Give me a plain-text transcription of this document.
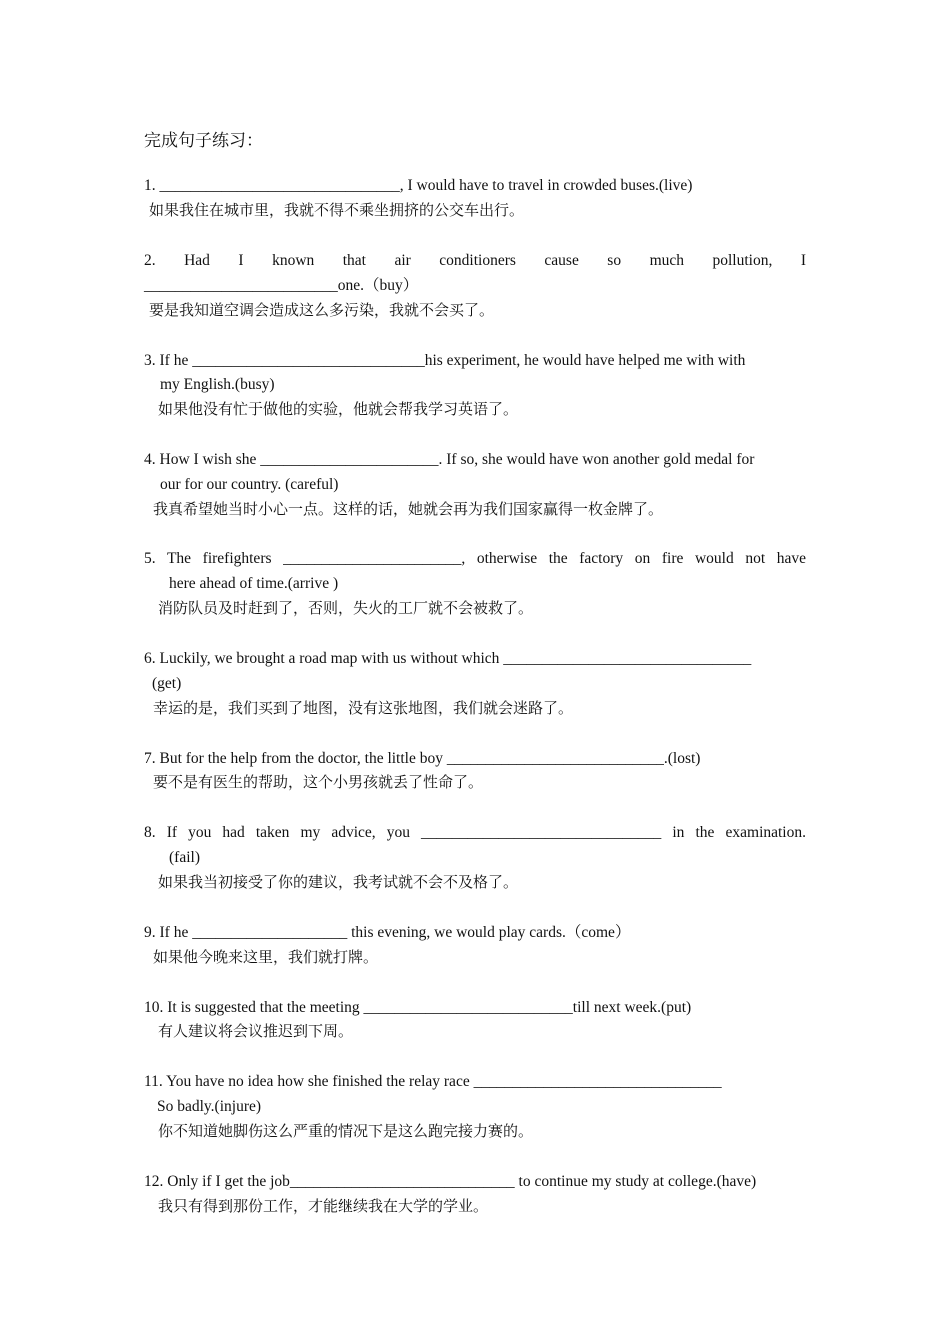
完成句子练习：
1. _______________________________, I would have to travel in crowded buses.(live)
如果我住在城市里，我就不得不乘坐拥挤的公交车出行。
2. Had I known that air conditioners cause so much pollution, I
_________________________one.（buy）
要是我知道空调会造成这么多污染，我就不会买了。
3. If he ______________________________his experiment, he would have helped me with with
my English.(busy)
如果他没有忙于做他的实验，他就会帮我学习英语了。
4. How I wish she _______________________. If so, she would have won another gold medal for
our for our country. (careful)
我真希望她当时小心一点。这样的话，她就会再为我们国家赢得一枚金牌了。
5. The firefighters _______________________, otherwise the factory on fire would not have
here ahead of time.(arrive )
消防队员及时赶到了，否则，失火的工厂就不会被救了。
6. Luckily, we brought a road map with us without which ________________________________
(get)
幸运的是，我们买到了地图，没有这张地图，我们就会迷路了。
7. But for the help from the doctor, the little boy ____________________________.(lost)
要不是有医生的帮助，这个小男孩就丢了性命了。
8. If you had taken my advice, you _______________________________ in the examination.
(fail)
如果我当初接受了你的建议，我考试就不会不及格了。
9. If he ____________________ this evening, we would play cards.（come）
如果他今晚来这里，我们就打牌。
10. It is suggested that the meeting ___________________________till next week.(put)
有人建议将会议推迟到下周。
11. You have no idea how she finished the relay race ________________________________
So badly.(injure)
你不知道她脚伤这么严重的情况下是这么跑完接力赛的。
12. Only if I get the job_____________________________ to continue my study at college.(have)
我只有得到那份工作，才能继续我在大学的学业。
